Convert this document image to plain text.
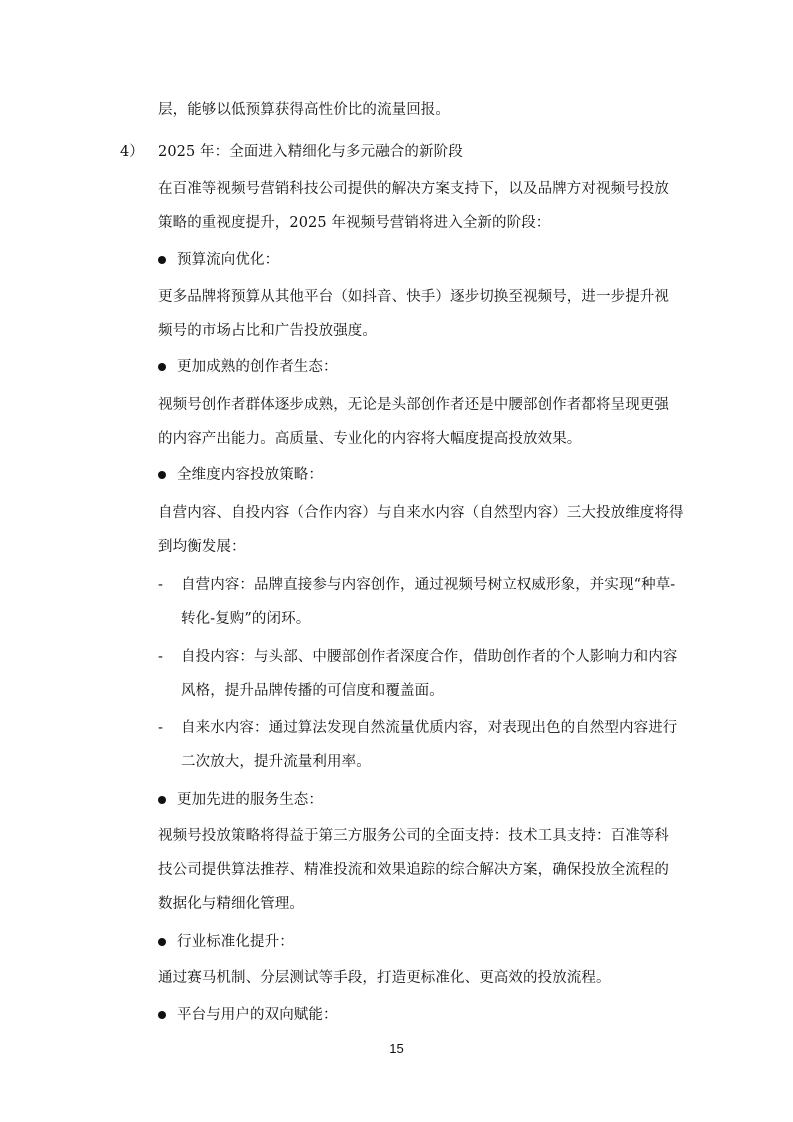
层，能够以低预算获得高性价比的流量回报。
4） 2025 年：全面进入精细化与多元融合的新阶段
在百准等视频号营销科技公司提供的解决方案支持下，以及品牌方对视频号投放
策略的重视度提升，2025 年视频号营销将进入全新的阶段：
预算流向优化：
更多品牌将预算从其他平台（如抖音、快手）逐步切换至视频号，进一步提升视
频号的市场占比和广告投放强度。
更加成熟的创作者生态：
视频号创作者群体逐步成熟，无论是头部创作者还是中腰部创作者都将呈现更强
的内容产出能力。高质量、专业化的内容将大幅度提高投放效果。
全维度内容投放策略：
自营内容、自投内容（合作内容）与自来水内容（自然型内容）三大投放维度将得
到均衡发展：
- 自营内容：品牌直接参与内容创作，通过视频号树立权威形象，并实现“种草-
转化-复购”的闭环。
- 自投内容：与头部、中腰部创作者深度合作，借助创作者的个人影响力和内容
风格，提升品牌传播的可信度和覆盖面。
- 自来水内容：通过算法发现自然流量优质内容，对表现出色的自然型内容进行
二次放大，提升流量利用率。
更加先进的服务生态：
视频号投放策略将得益于第三方服务公司的全面支持：技术工具支持：百准等科
技公司提供算法推荐、精准投流和效果追踪的综合解决方案，确保投放全流程的
数据化与精细化管理。
行业标准化提升：
通过赛马机制、分层测试等手段，打造更标准化、更高效的投放流程。
平台与用户的双向赋能：
15
